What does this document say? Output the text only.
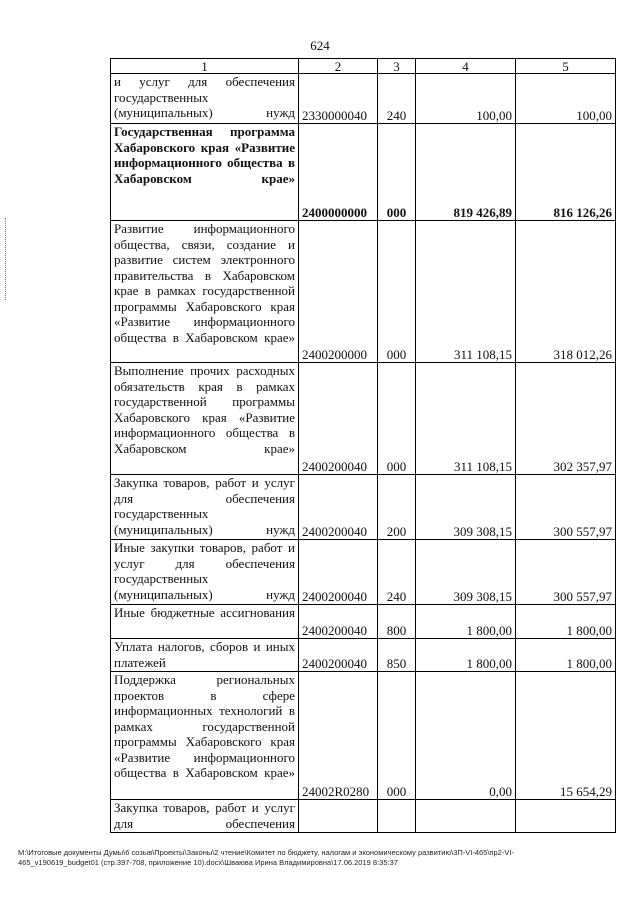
624
1	2	3	4	5
и услуг для обеспечения государственных (муниципальных) нужд	2330000040	240	100,00	100,00
Государственная программа Хабаровского края «Развитие информационного общества в Хабаровском крае»	2400000000	000	819 426,89	816 126,26
Развитие информационного общества, связи, создание и развитие систем электронного правительства в Хабаровском крае в рамках государственной программы Хабаровского края «Развитие информационного общества в Хабаровском крае»	2400200000	000	311 108,15	318 012,26
Выполнение прочих расходных обязательств края в рамках государственной программы Хабаровского края «Развитие информационного общества в Хабаровском крае»	2400200040	000	311 108,15	302 357,97
Закупка товаров, работ и услуг для обеспечения государственных (муниципальных) нужд	2400200040	200	309 308,15	300 557,97
Иные закупки товаров, работ и услуг для обеспечения государственных (муниципальных) нужд	2400200040	240	309 308,15	300 557,97
Иные бюджетные ассигнования	2400200040	800	1 800,00	1 800,00
Уплата налогов, сборов и иных платежей	2400200040	850	1 800,00	1 800,00
Поддержка региональных проектов в сфере информационных технологий в рамках государственной программы Хабаровского края «Развитие информационного общества в Хабаровском крае»	24002R0280	000	0,00	15 654,29
Закупка товаров, работ и услуг для обеспечения				
M:\Итоговые документы Думы\6 созыв\Проекты\Законы\2 чтение\Комитет по бюджету, налогам и экономическому развитию\3П-VI-465\пр2-VI-
465_v190619_budget01 (стр.397-708, приложение 10).docx\Шваюва Ирина Владимировна\17.06.2019 8:35:37
